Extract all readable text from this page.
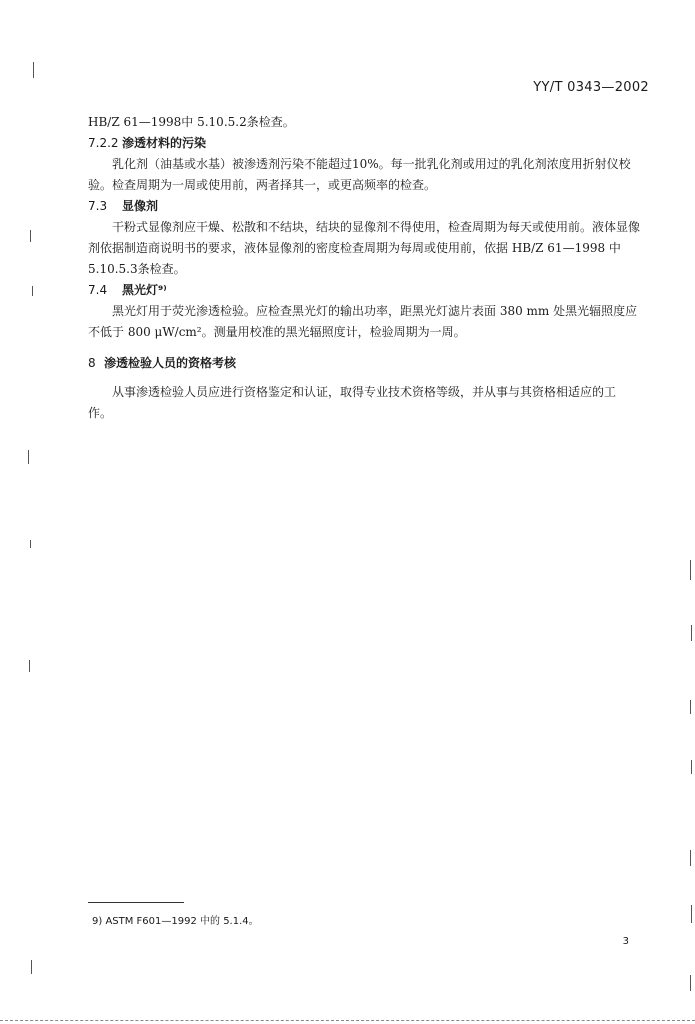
YY/T 0343—2002
HB/Z 61—1998中 5.10.5.2条检查。
7.2.2 渗透材料的污染
乳化剂（油基或水基）被渗透剂污染不能超过10%。每一批乳化剂或用过的乳化剂浓度用折射仪校
验。检查周期为一周或使用前，两者择其一，或更高频率的检查。
7.3 显像剂
干粉式显像剂应干燥、松散和不结块，结块的显像剂不得使用，检查周期为每天或使用前。液体显像
剂依据制造商说明书的要求，液体显像剂的密度检查周期为每周或使用前，依据 HB/Z 61—1998 中
5.10.5.3条检查。
7.4 黑光灯⁹⁾
黑光灯用于荧光渗透检验。应检查黑光灯的输出功率，距黑光灯滤片表面 380 mm 处黑光辐照度应
不低于 800 μW/cm²。测量用校准的黑光辐照度计，检验周期为一周。
8 渗透检验人员的资格考核
从事渗透检验人员应进行资格鉴定和认证，取得专业技术资格等级，并从事与其资格相适应的工
作。
9) ASTM F601—1992 中的 5.1.4。
3
